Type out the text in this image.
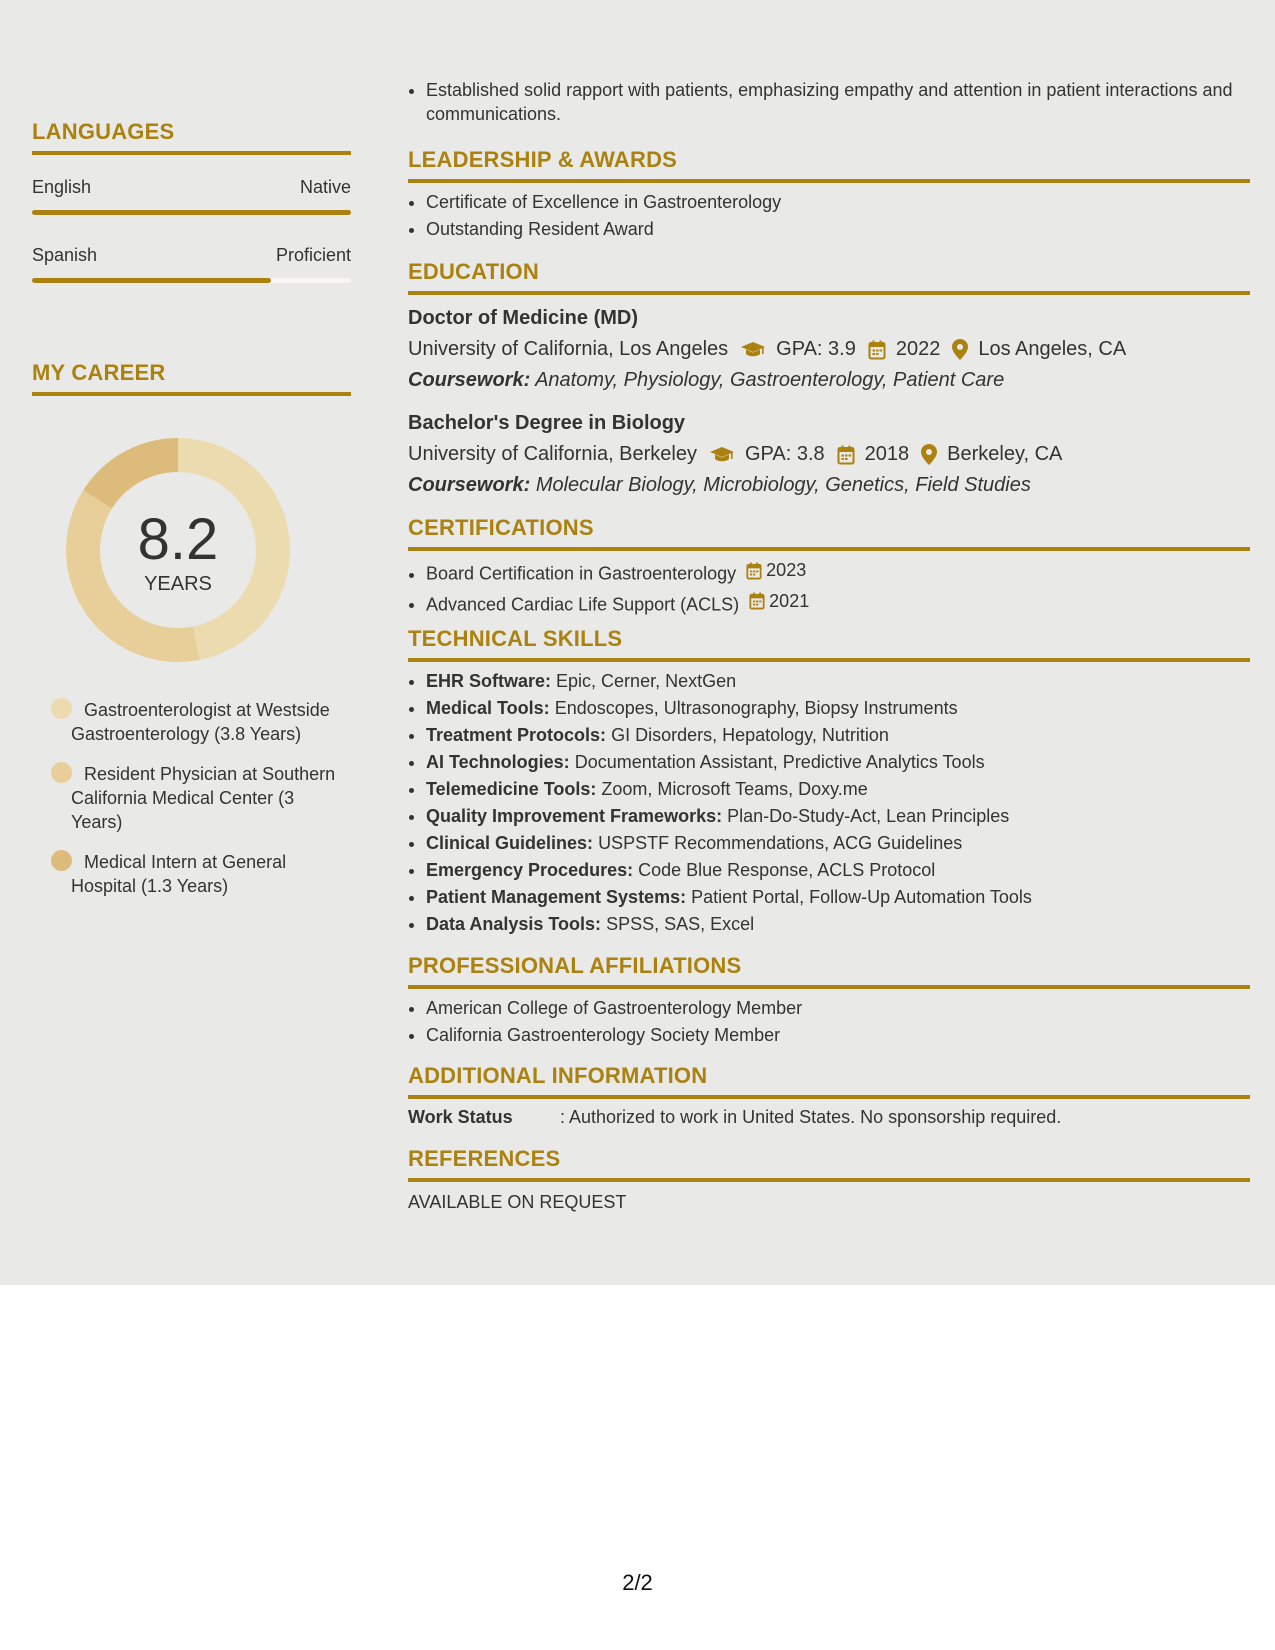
LANGUAGES
English	Native
Spanish	Proficient
MY CAREER
8.2
YEARS
Gastroenterologist at Westside Gastroenterology (3.8 Years)
Resident Physician at Southern California Medical Center (3 Years)
Medical Intern at General Hospital (1.3 Years)
• Established solid rapport with patients, emphasizing empathy and attention in patient interactions and communications.
LEADERSHIP & AWARDS
• Certificate of Excellence in Gastroenterology
• Outstanding Resident Award
EDUCATION
Doctor of Medicine (MD)
University of California, Los Angeles GPA: 3.9 2022 Los Angeles, CA
Coursework: Anatomy, Physiology, Gastroenterology, Patient Care
Bachelor's Degree in Biology
University of California, Berkeley GPA: 3.8 2018 Berkeley, CA
Coursework: Molecular Biology, Microbiology, Genetics, Field Studies
CERTIFICATIONS
• Board Certification in Gastroenterology 2023
• Advanced Cardiac Life Support (ACLS) 2021
TECHNICAL SKILLS
• EHR Software: Epic, Cerner, NextGen
• Medical Tools: Endoscopes, Ultrasonography, Biopsy Instruments
• Treatment Protocols: GI Disorders, Hepatology, Nutrition
• AI Technologies: Documentation Assistant, Predictive Analytics Tools
• Telemedicine Tools: Zoom, Microsoft Teams, Doxy.me
• Quality Improvement Frameworks: Plan-Do-Study-Act, Lean Principles
• Clinical Guidelines: USPSTF Recommendations, ACG Guidelines
• Emergency Procedures: Code Blue Response, ACLS Protocol
• Patient Management Systems: Patient Portal, Follow-Up Automation Tools
• Data Analysis Tools: SPSS, SAS, Excel
PROFESSIONAL AFFILIATIONS
• American College of Gastroenterology Member
• California Gastroenterology Society Member
ADDITIONAL INFORMATION
Work Status	: Authorized to work in United States. No sponsorship required.
REFERENCES
AVAILABLE ON REQUEST
2/2
